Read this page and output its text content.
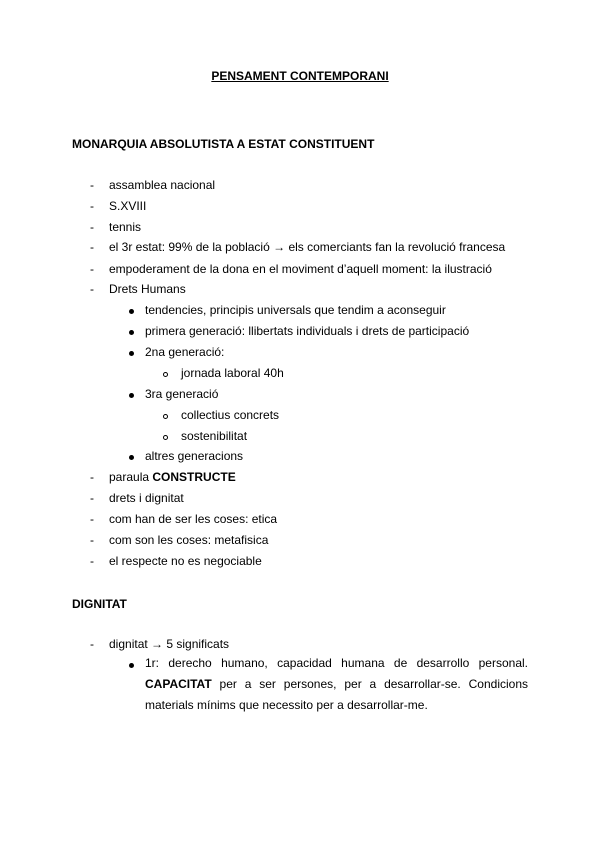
PENSAMENT CONTEMPORANI
MONARQUIA ABSOLUTISTA A ESTAT CONSTITUENT
- assamblea nacional
- S.XVIII
- tennis
- el 3r estat: 99% de la població → els comerciants fan la revolució francesa
- empoderament de la dona en el moviment d’aquell moment: la ilustració
- Drets Humans
tendencies, principis universals que tendim a aconseguir
primera generació: llibertats individuals i drets de participació
2na generació:
jornada laboral 40h
3ra generació
collectius concrets
sostenibilitat
altres generacions
- paraula CONSTRUCTE
- drets i dignitat
- com han de ser les coses: etica
- com son les coses: metafisica
- el respecte no es negociable
DIGNITAT
- dignitat → 5 significats
1r: derecho humano, capacidad humana de desarrollo personal. CAPACITAT per a ser persones, per a desarrollar-se. Condicions materials mínims que necessito per a desarrollar-me.
